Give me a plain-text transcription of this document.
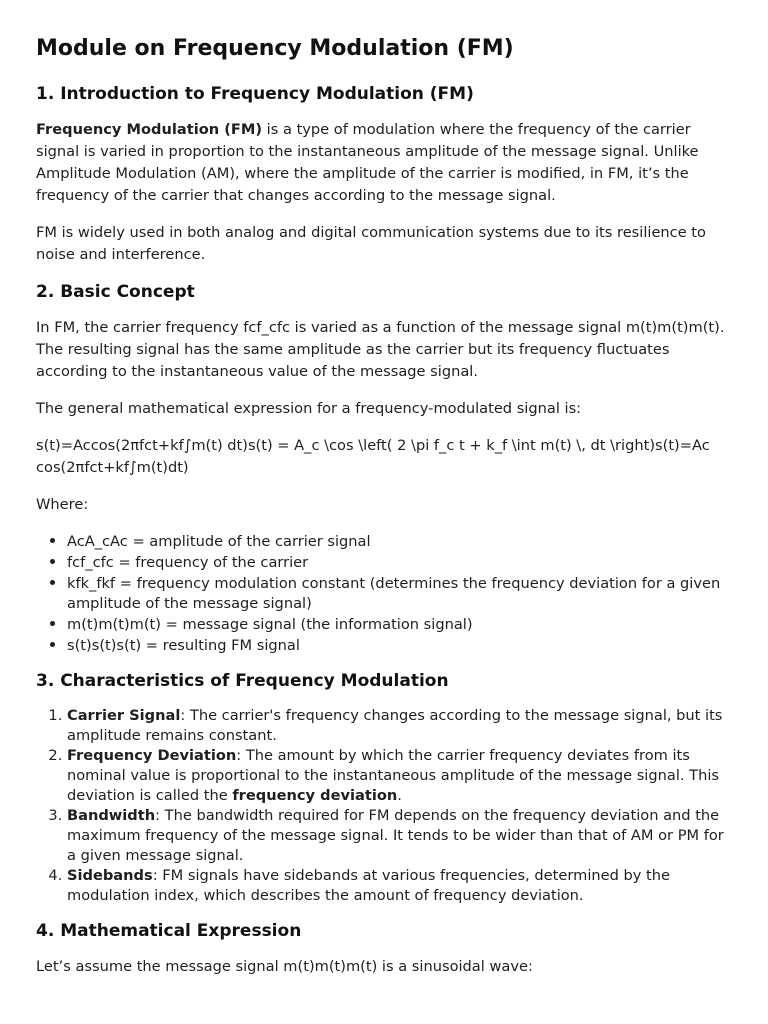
Module on Frequency Modulation (FM)
1. Introduction to Frequency Modulation (FM)

Frequency Modulation (FM) is a type of modulation where the frequency of the carrier signal is varied in proportion to the instantaneous amplitude of the message signal. Unlike Amplitude Modulation (AM), where the amplitude of the carrier is modified, in FM, it’s the frequency of the carrier that changes according to the message signal.

FM is widely used in both analog and digital communication systems due to its resilience to noise and interference.

2. Basic Concept

In FM, the carrier frequency fcf_cfc is varied as a function of the message signal m(t)m(t)m(t). The resulting signal has the same amplitude as the carrier but its frequency fluctuates according to the instantaneous value of the message signal.

The general mathematical expression for a frequency-modulated signal is:

s(t)=Accos(2πfct+kf∫m(t) dt)s(t) = A_c \cos \left( 2 \pi f_c t + k_f \int m(t) \, dt \right)s(t)=Ac cos(2πfct+kf∫m(t)dt)

Where:

• AcA_cAc = amplitude of the carrier signal
• fcf_cfc = frequency of the carrier
• kfk_fkf = frequency modulation constant (determines the frequency deviation for a given amplitude of the message signal)
• m(t)m(t)m(t) = message signal (the information signal)
• s(t)s(t)s(t) = resulting FM signal
3. Characteristics of Frequency Modulation
1. Carrier Signal: The carrier's frequency changes according to the message signal, but its amplitude remains constant.
2. Frequency Deviation: The amount by which the carrier frequency deviates from its nominal value is proportional to the instantaneous amplitude of the message signal. This deviation is called the frequency deviation.
3. Bandwidth: The bandwidth required for FM depends on the frequency deviation and the maximum frequency of the message signal. It tends to be wider than that of AM or PM for a given message signal.
4. Sidebands: FM signals have sidebands at various frequencies, determined by the modulation index, which describes the amount of frequency deviation.
4. Mathematical Expression

Let’s assume the message signal m(t)m(t)m(t) is a sinusoidal wave:
